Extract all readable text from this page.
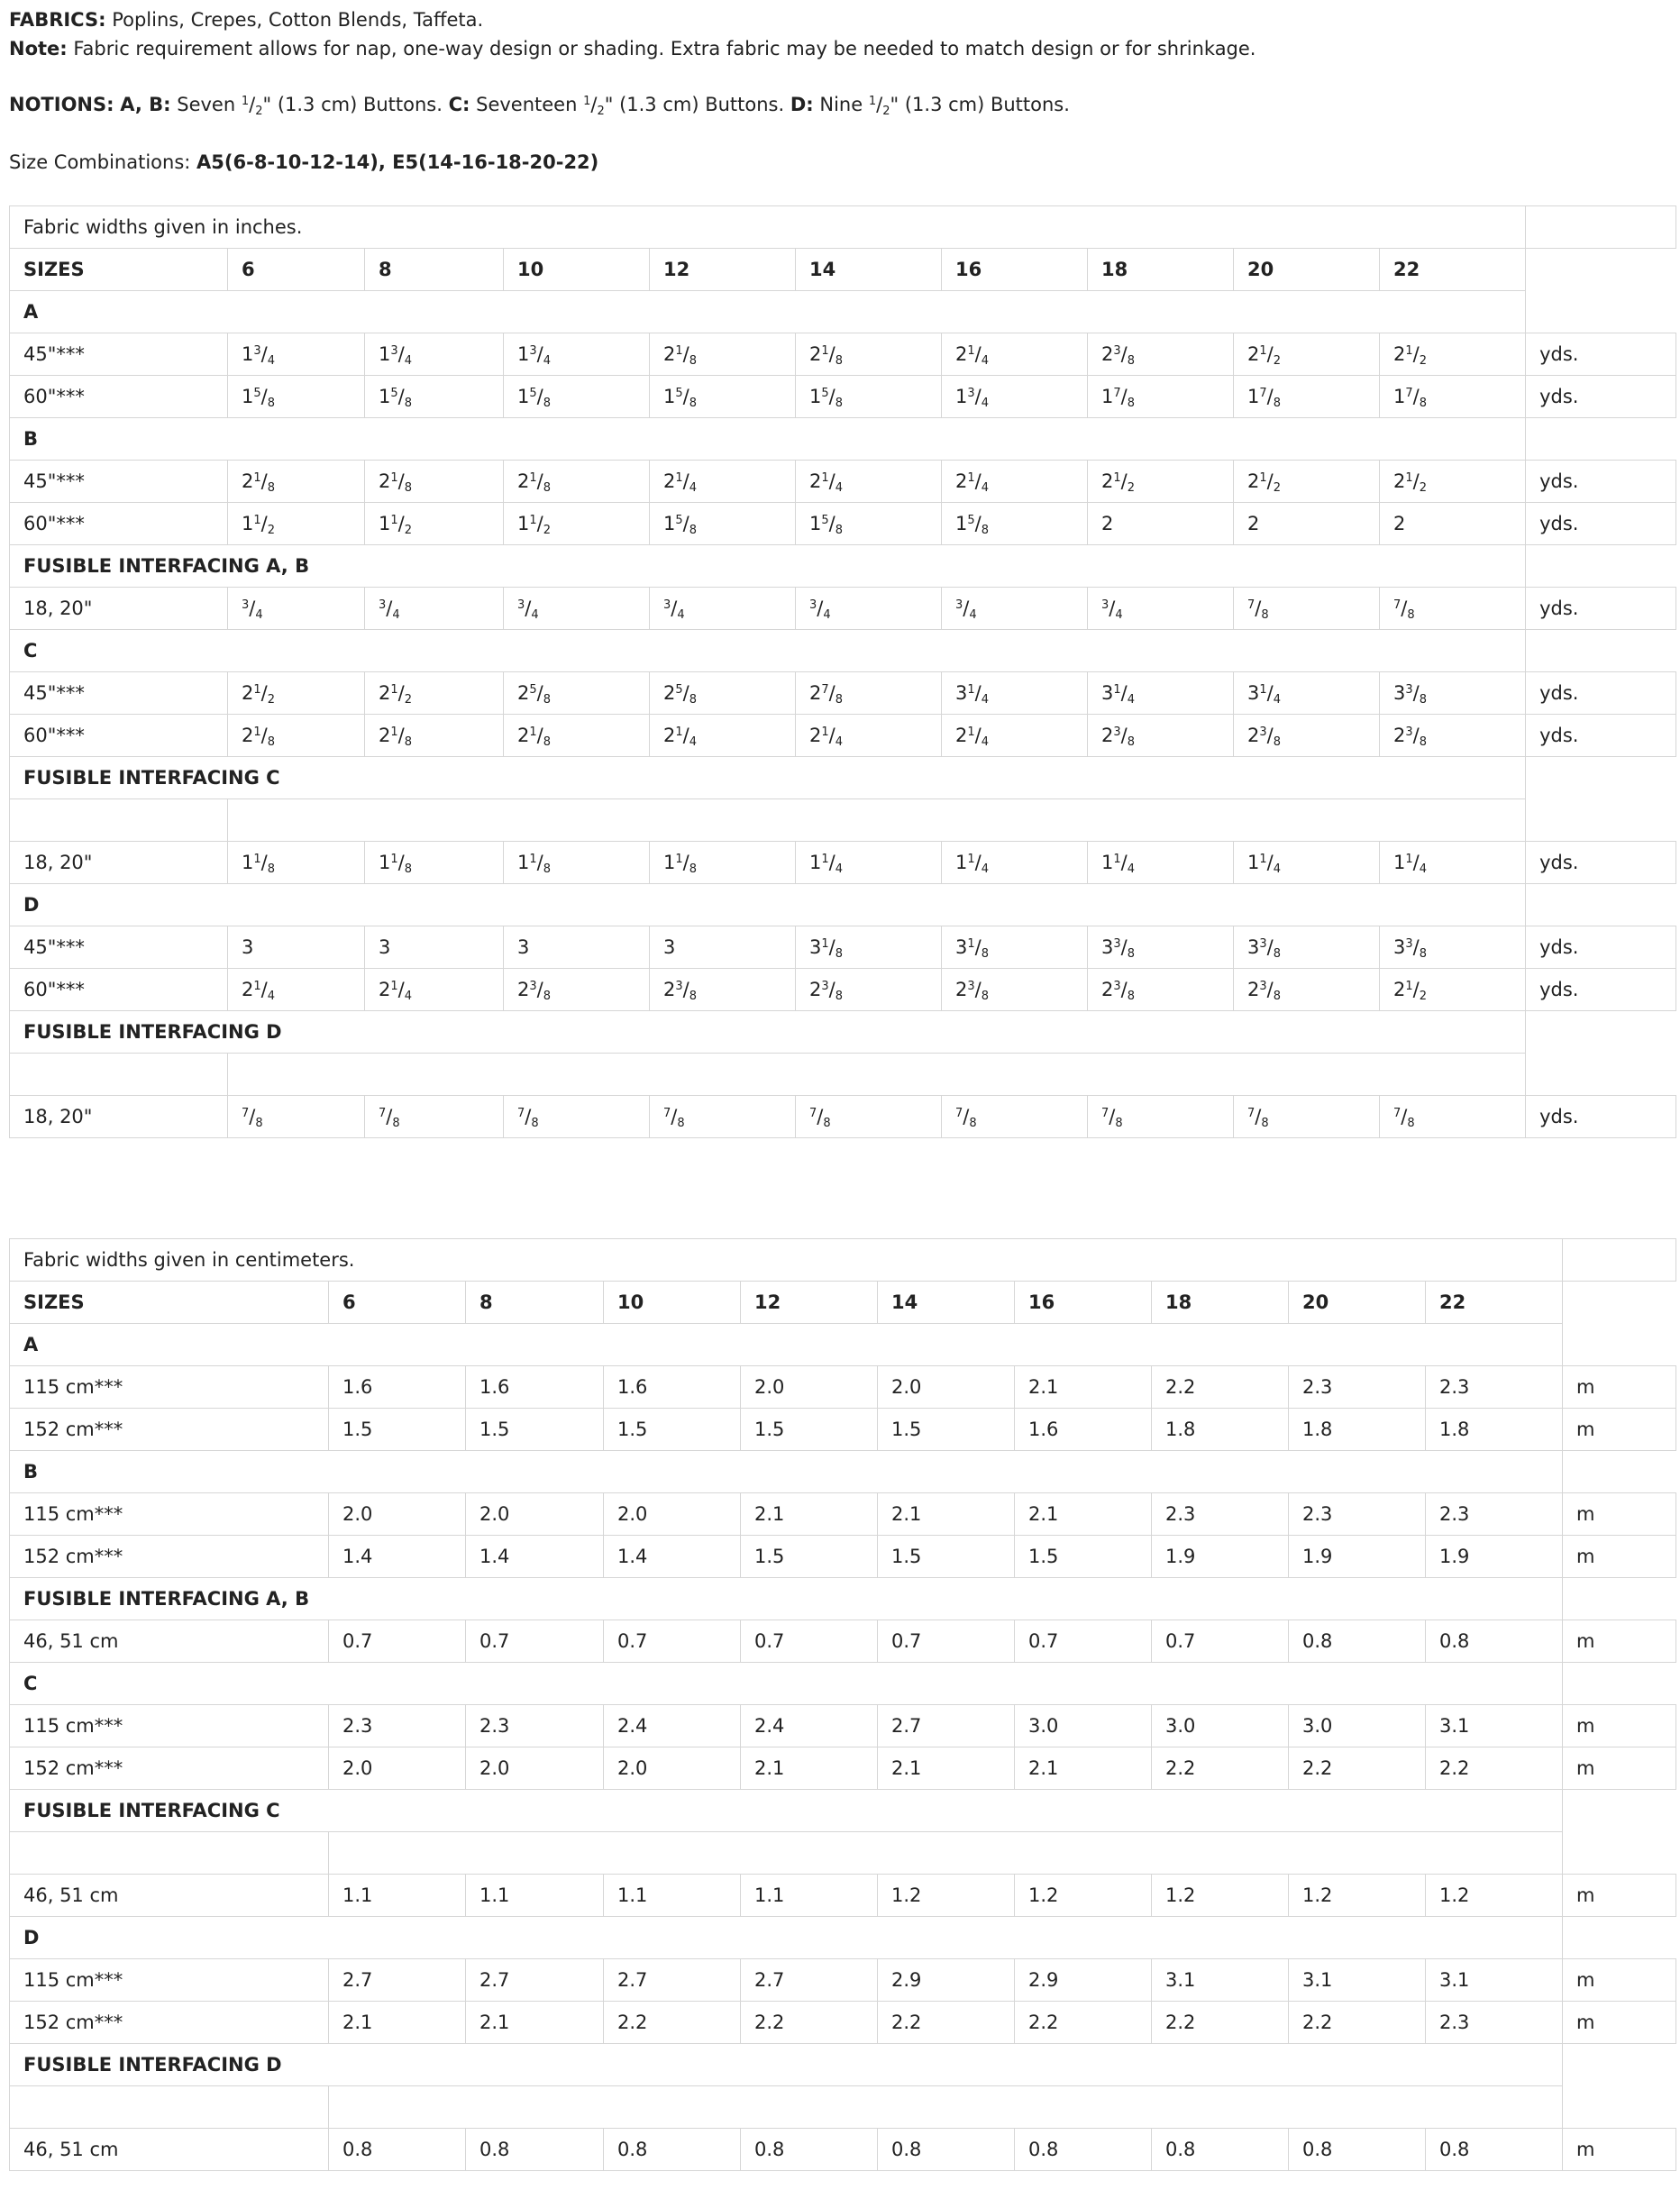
FABRICS: Poplins, Crepes, Cotton Blends, Taffeta.

Note: Fabric requirement allows for nap, one-way design or shading. Extra fabric may be needed to match design or for shrinkage.

NOTIONS: A, B: Seven $^1/_2$" (1.3 cm) Buttons. C: Seventeen $^1/_2$" (1.3 cm) Buttons. D: Nine $^1/_2$" (1.3 cm) Buttons.

Size Combinations: A5(6-8-10-12-14), E5(14-16-18-20-22)

Fabric widths given in inches.										
SIZES	6	8	10	12	14	16	18	20	22	
A										
45"***	$1^3/_4$	$1^3/_4$	$1^3/_4$	$2^1/_8$	$2^1/_8$	$2^1/_4$	$2^3/_8$	$2^1/_2$	$2^1/_2$	yds.
60"***	$1^5/_8$	$1^5/_8$	$1^5/_8$	$1^5/_8$	$1^5/_8$	$1^3/_4$	$1^7/_8$	$1^7/_8$	$1^7/_8$	yds.
B										
45"***	$2^1/_8$	$2^1/_8$	$2^1/_8$	$2^1/_4$	$2^1/_4$	$2^1/_4$	$2^1/_2$	$2^1/_2$	$2^1/_2$	yds.
60"***	$1^1/_2$	$1^1/_2$	$1^1/_2$	$1^5/_8$	$1^5/_8$	$1^5/_8$	2	2	2	yds.
FUSIBLE INTERFACING A, B										
18, 20"	$^3/_4$	$^3/_4$	$^3/_4$	$^3/_4$	$^3/_4$	$^3/_4$	$^3/_4$	$^7/_8$	$^7/_8$	yds.
C										
45"***	$2^1/_2$	$2^1/_2$	$2^5/_8$	$2^5/_8$	$2^7/_8$	$3^1/_4$	$3^1/_4$	$3^1/_4$	$3^3/_8$	yds.
60"***	$2^1/_8$	$2^1/_8$	$2^1/_8$	$2^1/_4$	$2^1/_4$	$2^1/_4$	$2^3/_8$	$2^3/_8$	$2^3/_8$	yds.
FUSIBLE INTERFACING C										

18, 20"	$1^1/_8$	$1^1/_8$	$1^1/_8$	$1^1/_8$	$1^1/_4$	$1^1/_4$	$1^1/_4$	$1^1/_4$	$1^1/_4$	yds.
D										
45"***	3	3	3	3	$3^1/_8$	$3^1/_8$	$3^3/_8$	$3^3/_8$	$3^3/_8$	yds.
60"***	$2^1/_4$	$2^1/_4$	$2^3/_8$	$2^3/_8$	$2^3/_8$	$2^3/_8$	$2^3/_8$	$2^3/_8$	$2^1/_2$	yds.
FUSIBLE INTERFACING D										

18, 20"	$^7/_8$	$^7/_8$	$^7/_8$	$^7/_8$	$^7/_8$	$^7/_8$	$^7/_8$	$^7/_8$	$^7/_8$	yds.
Fabric widths given in centimeters.										
SIZES	6	8	10	12	14	16	18	20	22	
A										
115 cm***	1.6	1.6	1.6	2.0	2.0	2.1	2.2	2.3	2.3	m
152 cm***	1.5	1.5	1.5	1.5	1.5	1.6	1.8	1.8	1.8	m
B										
115 cm***	2.0	2.0	2.0	2.1	2.1	2.1	2.3	2.3	2.3	m
152 cm***	1.4	1.4	1.4	1.5	1.5	1.5	1.9	1.9	1.9	m
FUSIBLE INTERFACING A, B										
46, 51 cm	0.7	0.7	0.7	0.7	0.7	0.7	0.7	0.8	0.8	m
C										
115 cm***	2.3	2.3	2.4	2.4	2.7	3.0	3.0	3.0	3.1	m
152 cm***	2.0	2.0	2.0	2.1	2.1	2.1	2.2	2.2	2.2	m
FUSIBLE INTERFACING C										

46, 51 cm	1.1	1.1	1.1	1.1	1.2	1.2	1.2	1.2	1.2	m
D										
115 cm***	2.7	2.7	2.7	2.7	2.9	2.9	3.1	3.1	3.1	m
152 cm***	2.1	2.1	2.2	2.2	2.2	2.2	2.2	2.2	2.3	m
FUSIBLE INTERFACING D										

46, 51 cm	0.8	0.8	0.8	0.8	0.8	0.8	0.8	0.8	0.8	m
